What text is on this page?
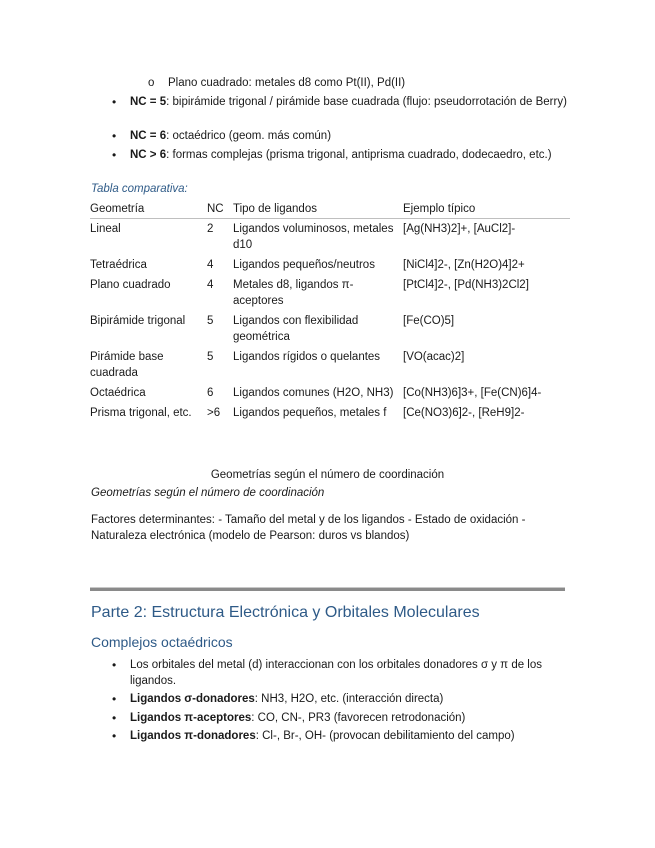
o Plano cuadrado: metales d8 como Pt(II), Pd(II)
• NC = 5: bipirámide trigonal / pirámide base cuadrada (flujo: pseudorrotación de Berry)
• NC = 6: octaédrico (geom. más común)
• NC > 6: formas complejas (prisma trigonal, antiprisma cuadrado, dodecaedro, etc.)
Tabla comparativa:
Geometría	NC	Tipo de ligandos	Ejemplo típico
Lineal	2	Ligandos voluminosos, metales d10	[Ag(NH3)2]+, [AuCl2]-
Tetraédrica	4	Ligandos pequeños/neutros	[NiCl4]2-, [Zn(H2O)4]2+
Plano cuadrado	4	Metales d8, ligandos π-aceptores	[PtCl4]2-, [Pd(NH3)2Cl2]
Bipirámide trigonal	5	Ligandos con flexibilidad geométrica	[Fe(CO)5]
Pirámide base cuadrada	5	Ligandos rígidos o quelantes	[VO(acac)2]
Octaédrica	6	Ligandos comunes (H2O, NH3)	[Co(NH3)6]3+, [Fe(CN)6]4-
Prisma trigonal, etc.	>6	Ligandos pequeños, metales f	[Ce(NO3)6]2-, [ReH9]2-
Geometrías según el número de coordinación
Geometrías según el número de coordinación
Factores determinantes: - Tamaño del metal y de los ligandos - Estado de oxidación - Naturaleza electrónica (modelo de Pearson: duros vs blandos)
Parte 2: Estructura Electrónica y Orbitales Moleculares
Complejos octaédricos
• Los orbitales del metal (d) interaccionan con los orbitales donadores σ y π de los ligandos.
• Ligandos σ-donadores: NH3, H2O, etc. (interacción directa)
• Ligandos π-aceptores: CO, CN-, PR3 (favorecen retrodonación)
• Ligandos π-donadores: Cl-, Br-, OH- (provocan debilitamiento del campo)
